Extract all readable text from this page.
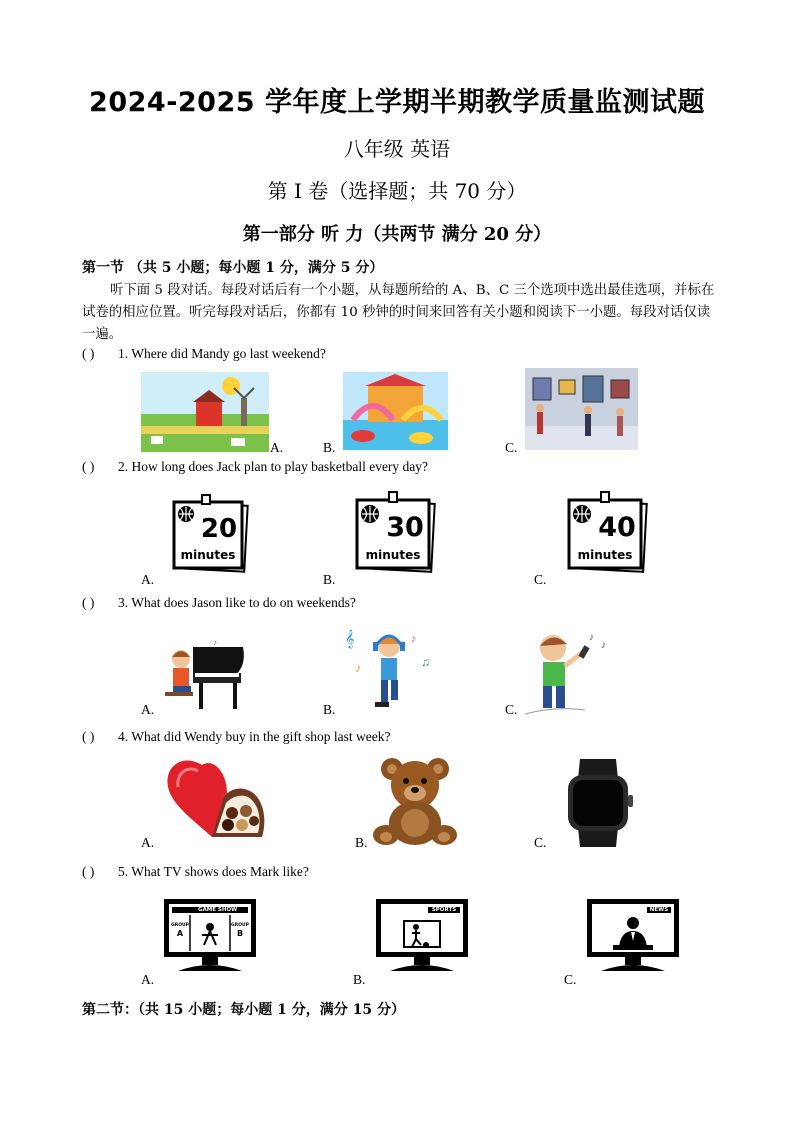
2024-2025 学年度上学期半期教学质量监测试题
八年级 英语
第 I 卷（选择题；共 70 分）
第一部分 听 力（共两节 满分 20 分）
第一节 （共 5 小题；每小题 1 分，满分 5 分）
听下面 5 段对话。每段对话后有一个小题，从每题所给的 A、B、C 三个选项中选出最佳选项，并标在试卷的相应位置。听完每段对话后，你都有 10 秒钟的时间来回答有关小题和阅读下一小题。每段对话仅读一遍。
( ) 1. Where did Mandy go last weekend?
A.	B.	C.
( ) 2. How long does Jack plan to play basketball every day?
20
minutes
A.
30
minutes
B.
40
minutes
C.
( ) 3. What does Jason like to do on weekends?
♪
A.
𝄞
♪	♫
♪
B.
♪
♪
C.
( ) 4. What did Wendy buy in the gift shop last week?
A.	B.	C.
( ) 5. What TV shows does Mark like?
GAME SHOW
GROUP
A
GROUP
B
A.
SPORTS
B.
NEWS
C.
第二节：（共 15 小题；每小题 1 分，满分 15 分）
